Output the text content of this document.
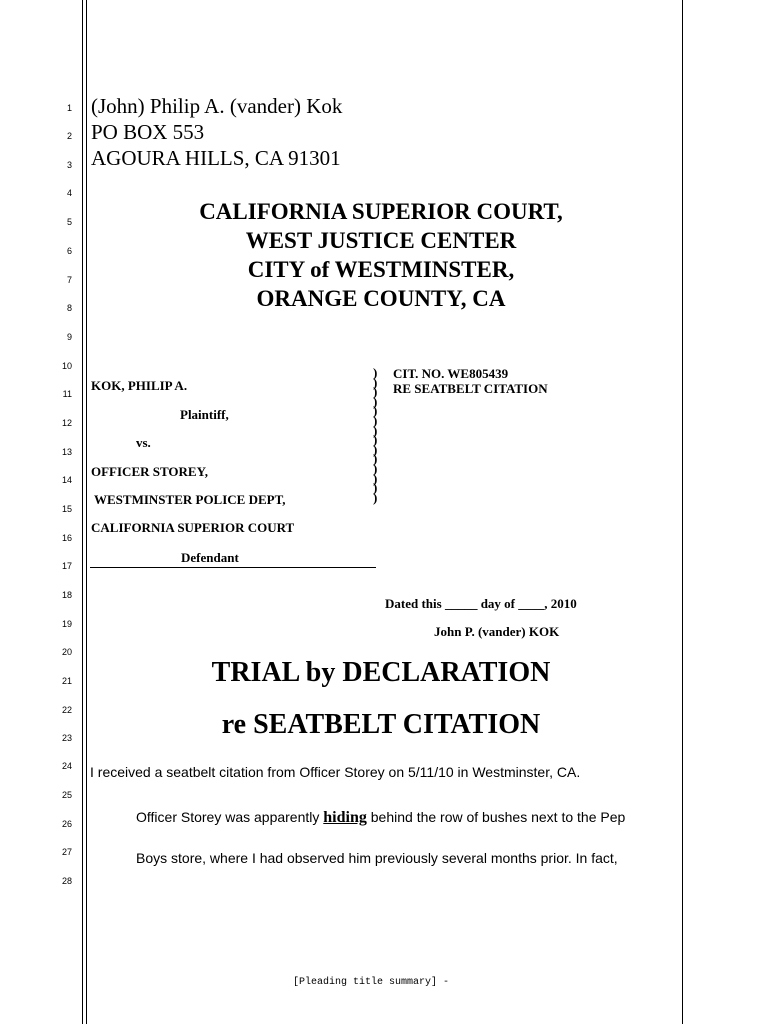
1
2
3
4
5
6
7
8
9
10
11
12
13
14
15
16
17
18
19
20
21
22
23
24
25
26
27
28
(John) Philip A. (vander) Kok
PO BOX 553
AGOURA HILLS, CA 91301
CALIFORNIA SUPERIOR COURT,
WEST JUSTICE CENTER
CITY of WESTMINSTER,
ORANGE COUNTY, CA
KOK, PHILIP A.
Plaintiff,
vs.
OFFICER STOREY,
WESTMINSTER POLICE DEPT,
CALIFORNIA SUPERIOR COURT
Defendant
)
)
)
)
)
)
)
)
)
)
)
)
)
)
CIT. NO. WE805439
RE SEATBELT CITATION
Dated this _____ day of ____, 2010
John P. (vander) KOK
TRIAL by DECLARATION
re SEATBELT CITATION
I received a seatbelt citation from Officer Storey on 5/11/10 in Westminster, CA.
Officer Storey was apparently hiding behind the row of bushes next to the Pep
Boys store, where I had observed him previously several months prior. In fact,
[Pleading title summary] -
